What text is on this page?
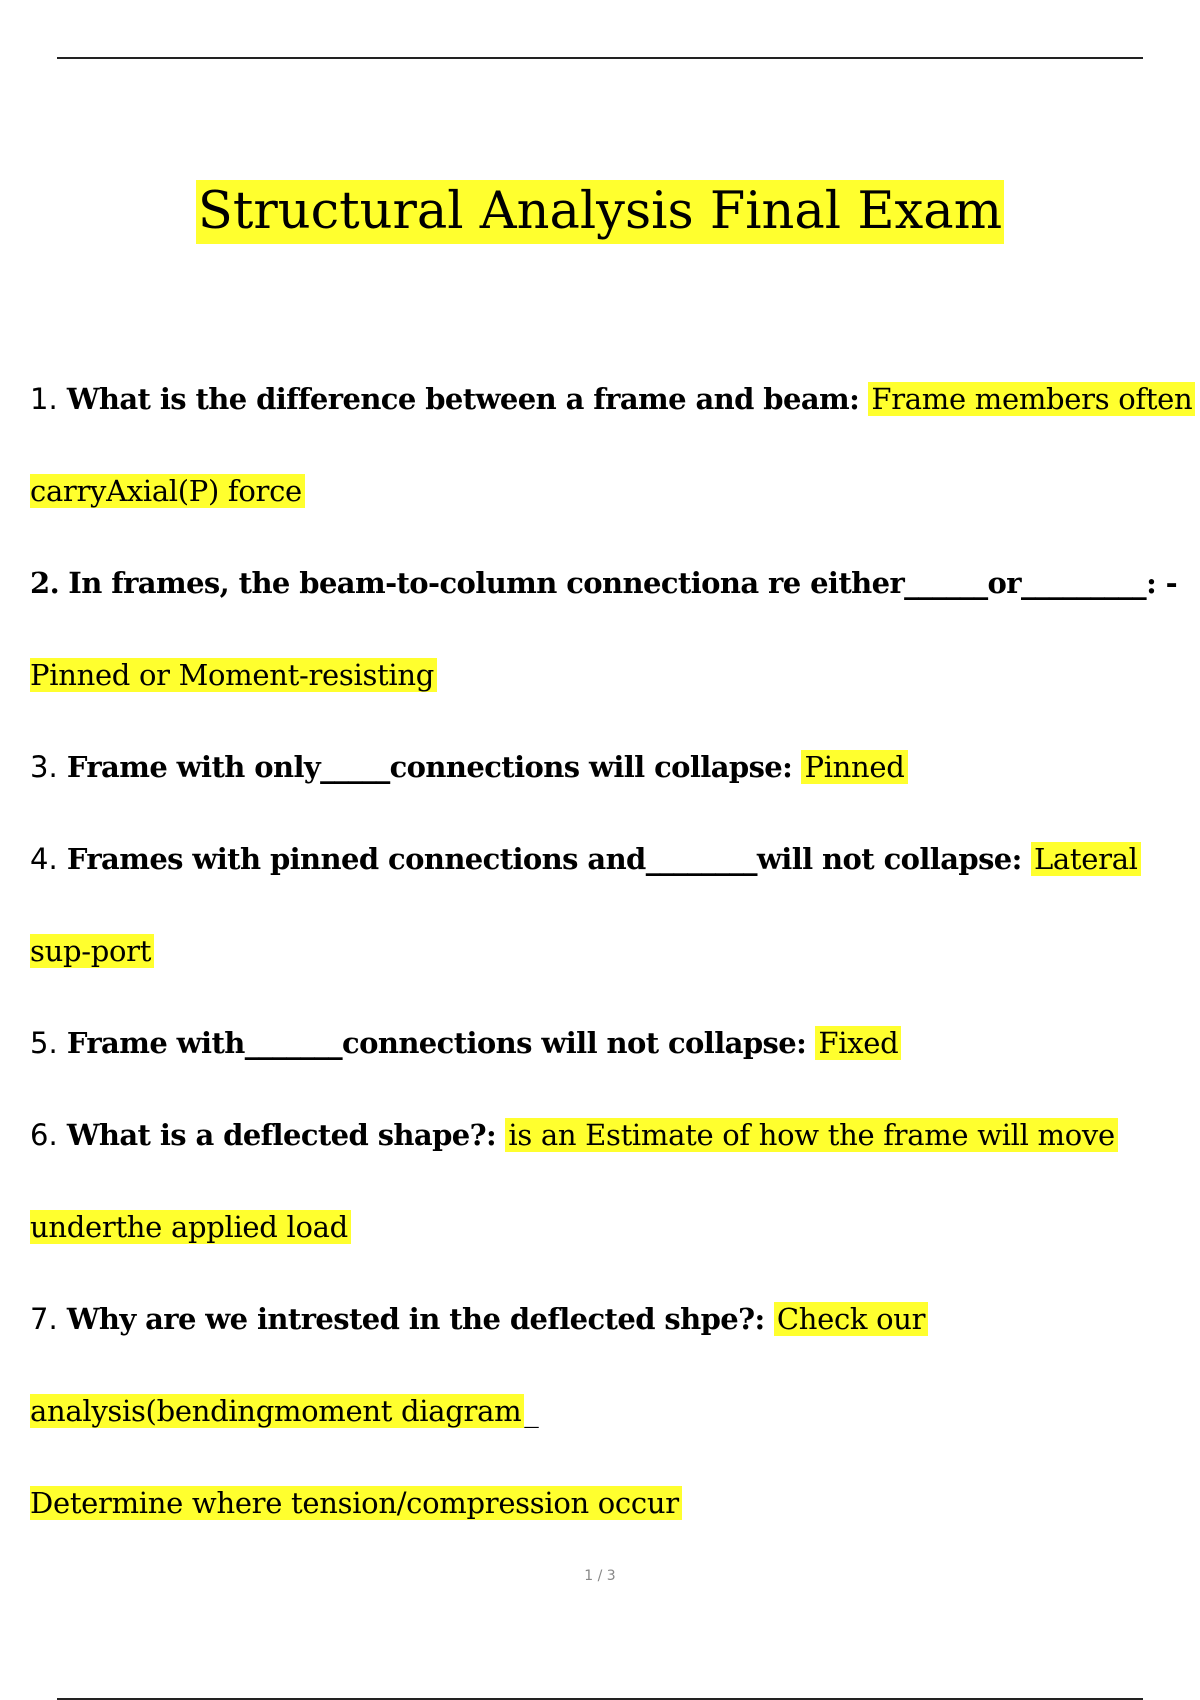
Structural Analysis Final Exam
1. What is the difference between a frame and beam: Frame members often
carryAxial(P) force
2. In frames, the beam-to-column connectiona re either______or_________: -
Pinned or Moment-resisting
3. Frame with only_____connections will collapse: Pinned
4. Frames with pinned connections and________will not collapse: Lateral
sup-port
5. Frame with_______connections will not collapse: Fixed
6. What is a deflected shape?: is an Estimate of how the frame will move
underthe applied load
7. Why are we intrested in the deflected shpe?: Check our
analysis(bendingmoment diagram _
Determine where tension/compression occur
1 / 3
